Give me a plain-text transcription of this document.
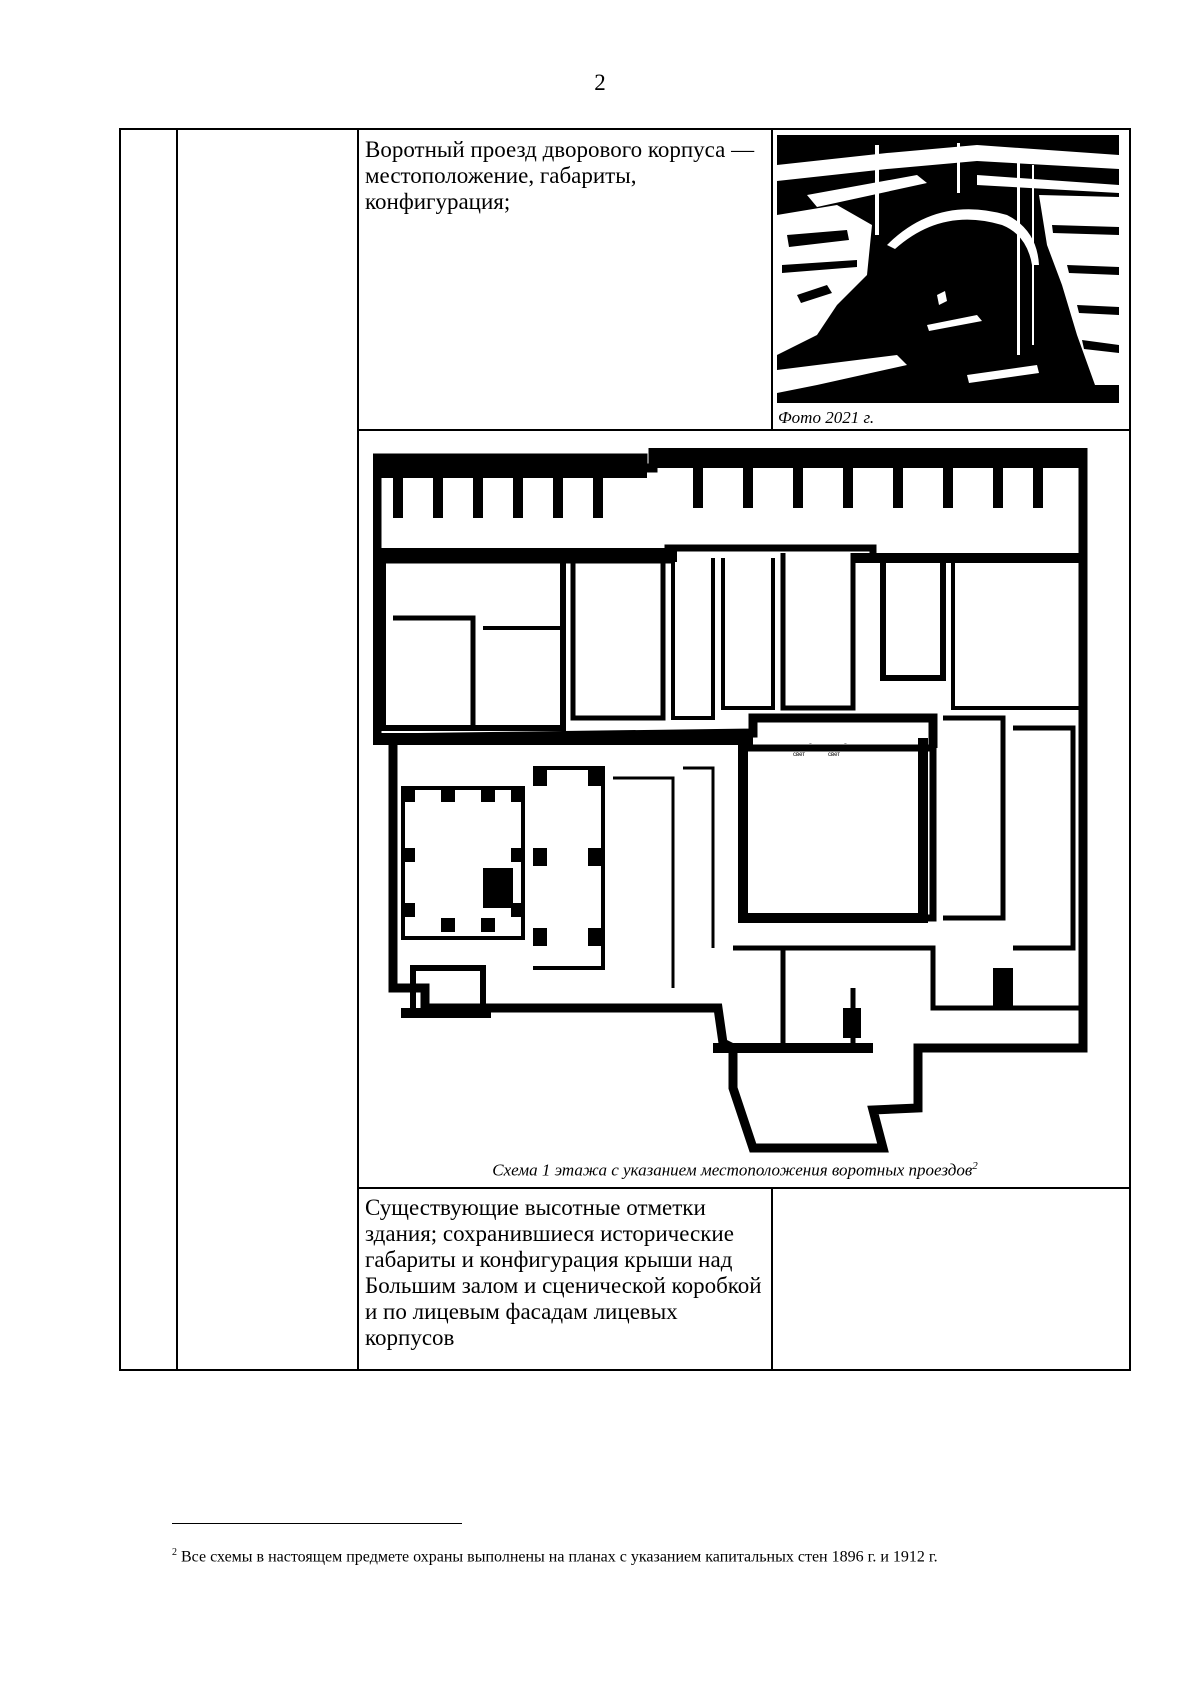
2
Воротный проезд дворового корпуса — местоположение, габариты, конфигурация;
Фото 2021 г.
второй
свет
второй
свет
Схема 1 этажа с указанием местоположения воротных проездов$^2$
Существующие высотные отметки здания; сохранившиеся исторические габариты и конфигурация крыши над Большим залом и сценической коробкой и по лицевым фасадам лицевых корпусов
$^2$ Все схемы в настоящем предмете охраны выполнены на планах с указанием капитальных стен 1896 г. и 1912 г.
